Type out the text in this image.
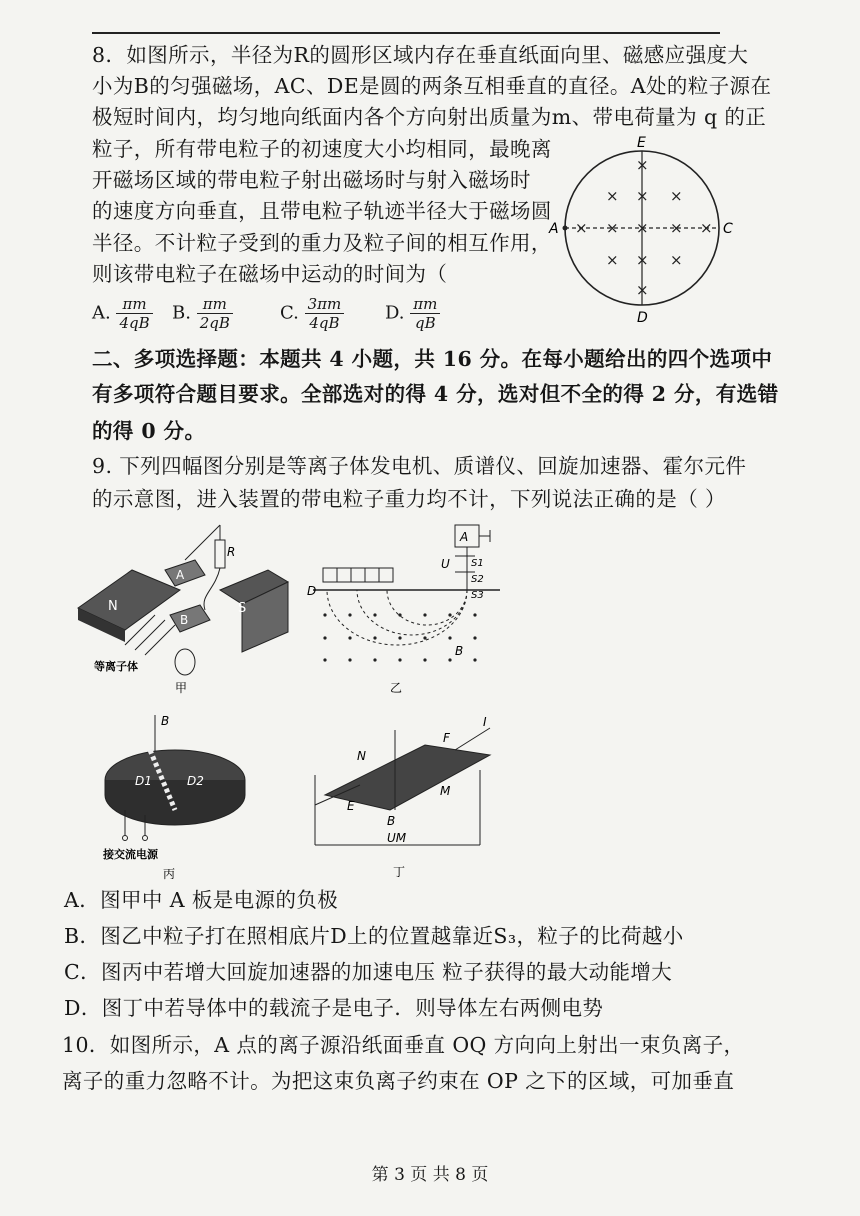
8．如图所示，半径为R的圆形区域内存在垂直纸面向里、磁感应强度大
小为B的匀强磁场，AC、DE是圆的两条互相垂直的直径。A处的粒子源在
极短时间内，均匀地向纸面内各个方向射出质量为m、带电荷量为 q 的正
粒子，所有带电粒子的初速度大小均相同，最晚离
开磁场区域的带电粒子射出磁场时与射入磁场时
的速度方向垂直，且带电粒子轨迹半径大于磁场圆
半径。不计粒子受到的重力及粒子间的相互作用，
则该带电粒子在磁场中运动的时间为（
A. $\frac{\pi m}{4qB} B$. $\frac{\pi m}{2qB}$	C. $\frac{3\pi m}{4qB} D$. $\frac{\pi m}{qB}$
E
A	C
D
×
× × ×
× × × × ×
× × ×
×
二、多项选择题：本题共 4 小题，共 16 分。在每小题给出的四个选项中
有多项符合题目要求。全部选对的得 4 分，选对但不全的得 2 分，有选错
的得 0 分。
9. 下列四幅图分别是等离子体发电机、质谱仪、回旋加速器、霍尔元件
的示意图，进入装置的带电粒子重力均不计，下列说法正确的是（ ）
N	S
A
B
R
等离子体
甲
A
U S1
S2
S3
D
B
乙
B
D1	D2
接交流电源
丙
I
F
N
M
E
B
UM
丁
A．图甲中 A 板是电源的负极
B．图乙中粒子打在照相底片D上的位置越靠近S₃，粒子的比荷越小
C．图丙中若增大回旋加速器的加速电压 粒子获得的最大动能增大
D．图丁中若导体中的载流子是电子．则导体左右两侧电势
10．如图所示，A 点的离子源沿纸面垂直 OQ 方向向上射出一束负离子，
离子的重力忽略不计。为把这束负离子约束在 OP 之下的区域，可加垂直
第 3 页 共 8 页
